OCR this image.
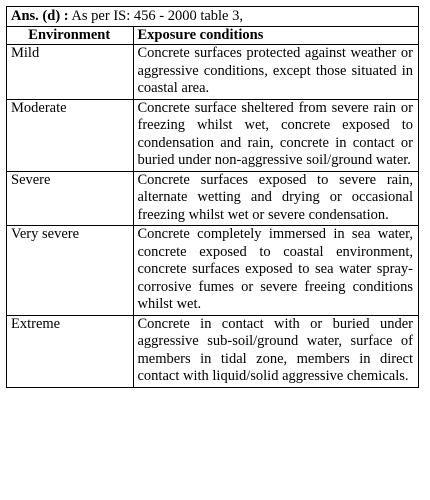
Ans. (d) : As per IS: 456 - 2000 table 3,
Environment	Exposure conditions
Mild	Concrete surfaces protected against weather or aggressive conditions, except those situated in coastal area.
Moderate	Concrete surface sheltered from severe rain or freezing whilst wet, concrete exposed to condensation and rain, concrete in contact or buried under non-aggressive soil/ground water.
Severe	Concrete surfaces exposed to severe rain, alternate wetting and drying or occasional freezing whilst wet or severe condensation.
Very severe	Concrete completely immersed in sea water, concrete exposed to coastal environment, concrete surfaces exposed to sea water spray-corrosive fumes or severe freeing conditions whilst wet.
Extreme	Concrete in contact with or buried under aggressive sub-soil/ground water, surface of members in tidal zone, members in direct contact with liquid/solid aggressive chemicals.
